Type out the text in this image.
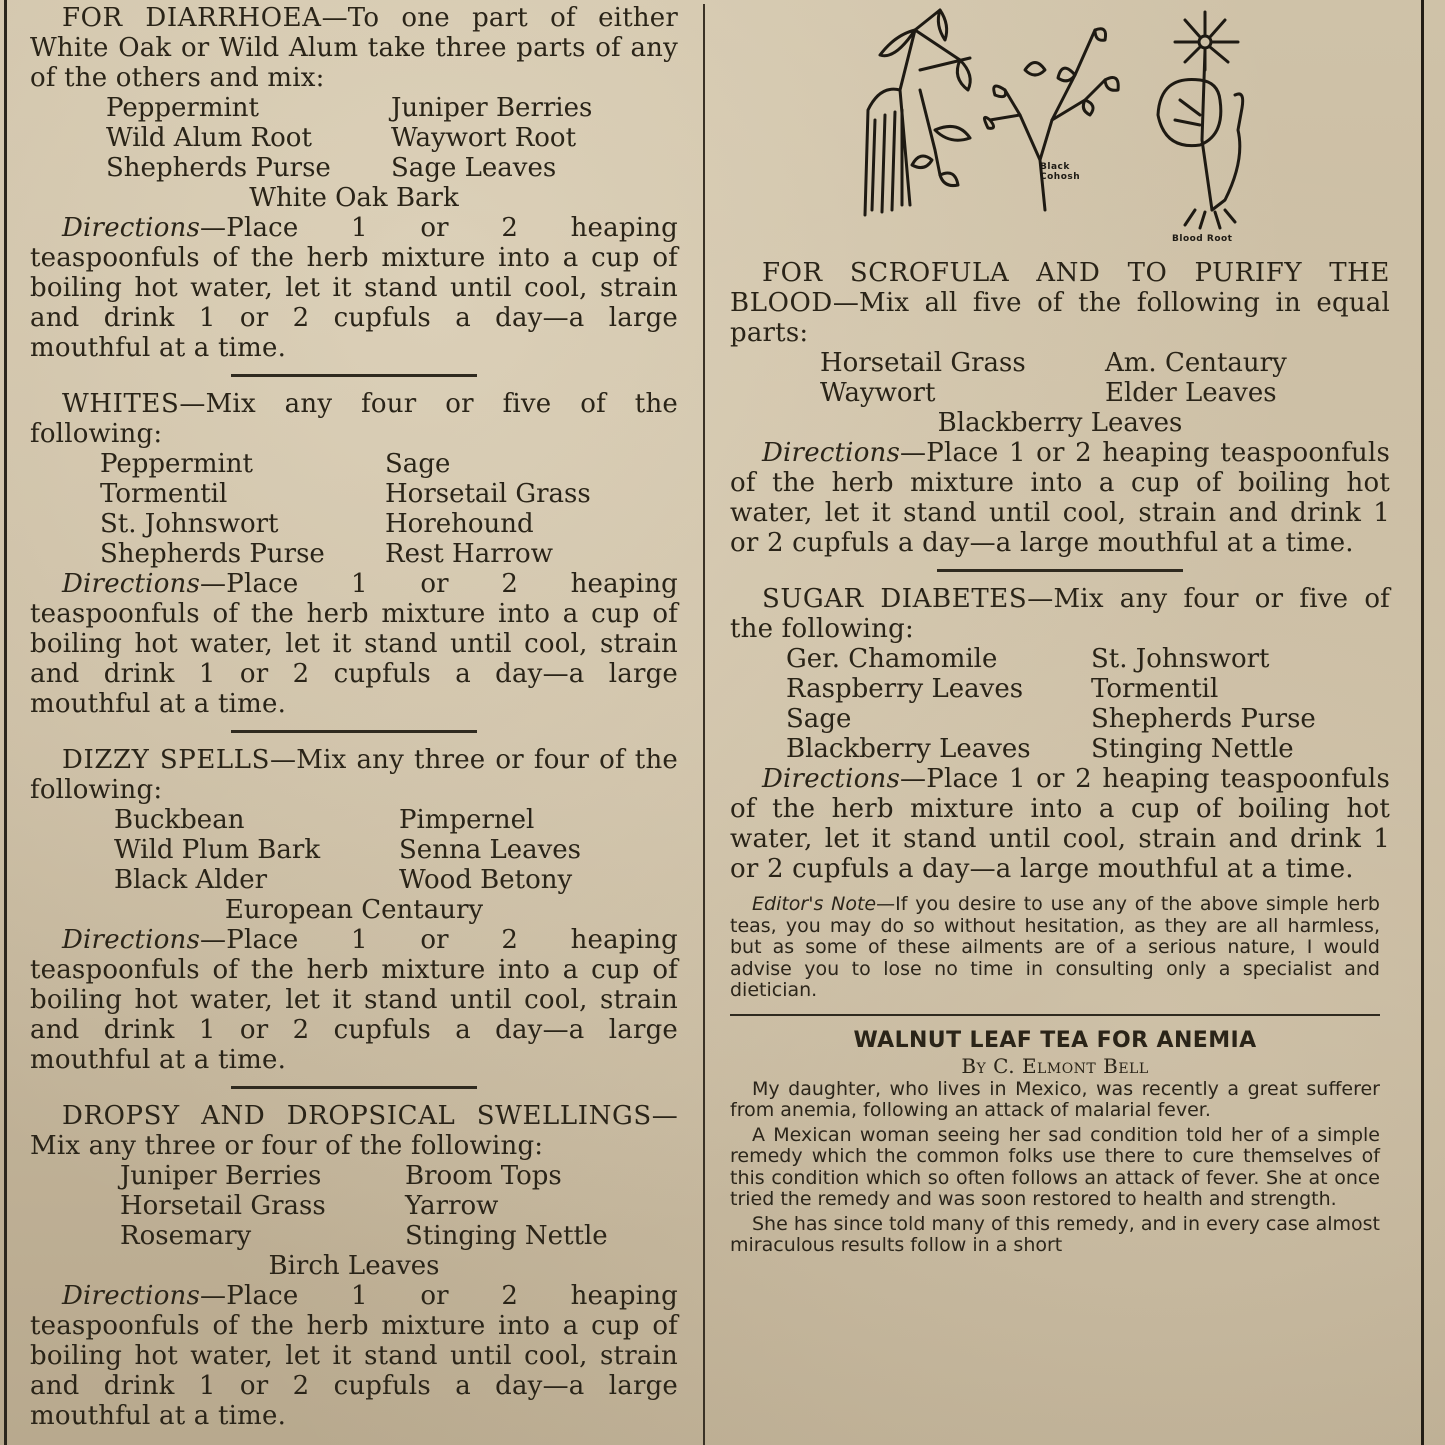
FOR DIARRHOEA—To one part of either White Oak or Wild Alum take three parts of any of the others and mix:

Peppermint	Juniper Berries
Wild Alum Root	Waywort Root
Shepherds Purse	Sage Leaves
White Oak Bark

Directions—Place 1 or 2 heaping teaspoonfuls of the herb mixture into a cup of boiling hot water, let it stand until cool, strain and drink 1 or 2 cupfuls a day—a large mouthful at a time.

WHITES—Mix any four or five of the following:

Peppermint	Sage
Tormentil	Horsetail Grass
St. Johnswort	Horehound
Shepherds Purse	Rest Harrow

Directions—Place 1 or 2 heaping teaspoonfuls of the herb mixture into a cup of boiling hot water, let it stand until cool, strain and drink 1 or 2 cupfuls a day—a large mouthful at a time.

DIZZY SPELLS—Mix any three or four of the following:

Buckbean	Pimpernel
Wild Plum Bark	Senna Leaves
Black Alder	Wood Betony
European Centaury

Directions—Place 1 or 2 heaping teaspoonfuls of the herb mixture into a cup of boiling hot water, let it stand until cool, strain and drink 1 or 2 cupfuls a day—a large mouthful at a time.

DROPSY AND DROPSICAL SWELLINGS—Mix any three or four of the following:

Juniper Berries	Broom Tops
Horsetail Grass	Yarrow
Rosemary	Stinging Nettle
Birch Leaves

Directions—Place 1 or 2 heaping teaspoonfuls of the herb mixture into a cup of boiling hot water, let it stand until cool, strain and drink 1 or 2 cupfuls a day—a large mouthful at a time.

Black Cohosh
Blood Root

FOR SCROFULA AND TO PURIFY THE BLOOD—Mix all five of the following in equal parts:

Horsetail Grass	Am. Centaury
Waywort	Elder Leaves
Blackberry Leaves

Directions—Place 1 or 2 heaping teaspoonfuls of the herb mixture into a cup of boiling hot water, let it stand until cool, strain and drink 1 or 2 cupfuls a day—a large mouthful at a time.

SUGAR DIABETES—Mix any four or five of the following:

Ger. Chamomile	St. Johnswort
Raspberry Leaves	Tormentil
Sage	Shepherds Purse
Blackberry Leaves	Stinging Nettle

Directions—Place 1 or 2 heaping teaspoonfuls of the herb mixture into a cup of boiling hot water, let it stand until cool, strain and drink 1 or 2 cupfuls a day—a large mouthful at a time.

Editor's Note—If you desire to use any of the above simple herb teas, you may do so without hesitation, as they are all harmless, but as some of these ailments are of a serious nature, I would advise you to lose no time in consulting only a specialist and dietician.

WALNUT LEAF TEA FOR ANEMIA
By C. Elmont Bell

My daughter, who lives in Mexico, was recently a great sufferer from anemia, following an attack of malarial fever.

A Mexican woman seeing her sad condition told her of a simple remedy which the common folks use there to cure themselves of this condition which so often follows an attack of fever. She at once tried the remedy and was soon restored to health and strength.

She has since told many of this remedy, and in every case almost miraculous results follow in a short
